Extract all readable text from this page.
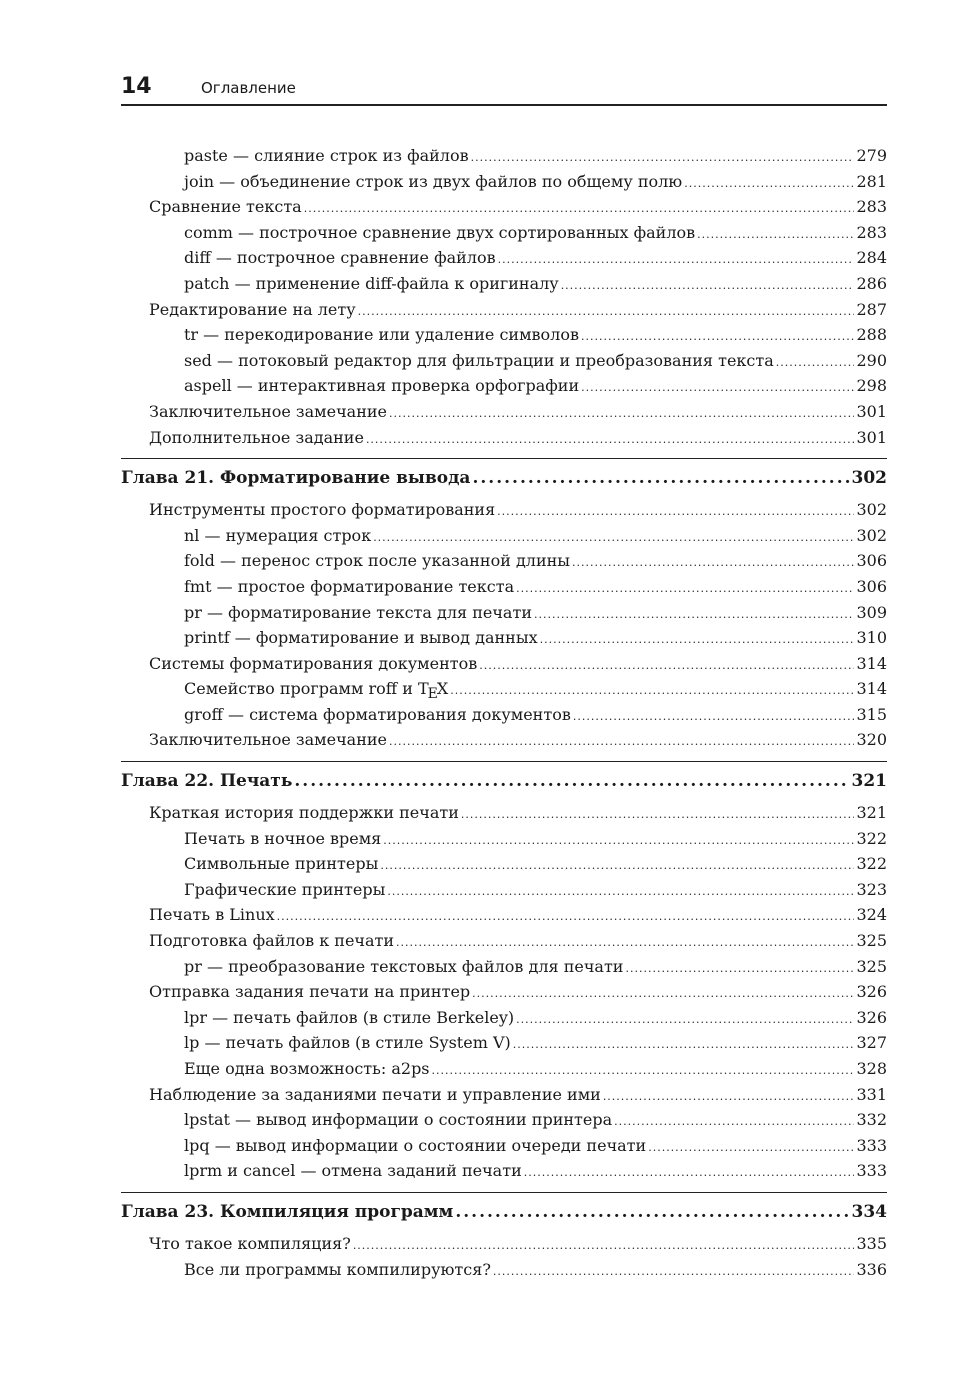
14	Оглавление
paste — слияние строк из файлов .....	279
join — объединение строк из двух файлов по общему полю .....	281
Сравнение текста .....	283
comm — построчное сравнение двух сортированных файлов .....	283
diff — построчное сравнение файлов .....	284
patch — применение diff-файла к оригиналу .....	286
Редактирование на лету .....	287
tr — перекодирование или удаление символов .....	288
sed — потоковый редактор для фильтрации и преобразования текста .....	290
aspell — интерактивная проверка орфографии .....	298
Заключительное замечание .....	301
Дополнительное задание .....	301
Глава 21. Форматирование вывода .....	302
Инструменты простого форматирования .....	302
nl — нумерация строк .....	302
fold — перенос строк после указанной длины .....	306
fmt — простое форматирование текста .....	306
pr — форматирование текста для печати .....	309
printf — форматирование и вывод данных .....	310
Системы форматирования документов .....	314
Семейство программ roff и TEX .....	314
groff — система форматирования документов .....	315
Заключительное замечание .....	320
Глава 22. Печать .....	321
Краткая история поддержки печати .....	321
Печать в ночное время .....	322
Символьные принтеры .....	322
Графические принтеры .....	323
Печать в Linux .....	324
Подготовка файлов к печати .....	325
pr — преобразование текстовых файлов для печати .....	325
Отправка задания печати на принтер .....	326
lpr — печать файлов (в стиле Berkeley) .....	326
lp — печать файлов (в стиле System V) .....	327
Еще одна возможность: a2ps .....	328
Наблюдение за заданиями печати и управление ими .....	331
lpstat — вывод информации о состоянии принтера .....	332
lpq — вывод информации о состоянии очереди печати .....	333
lprm и cancel — отмена заданий печати .....	333
Глава 23. Компиляция программ .....	334
Что такое компиляция? .....	335
Все ли программы компилируются? .....	336
